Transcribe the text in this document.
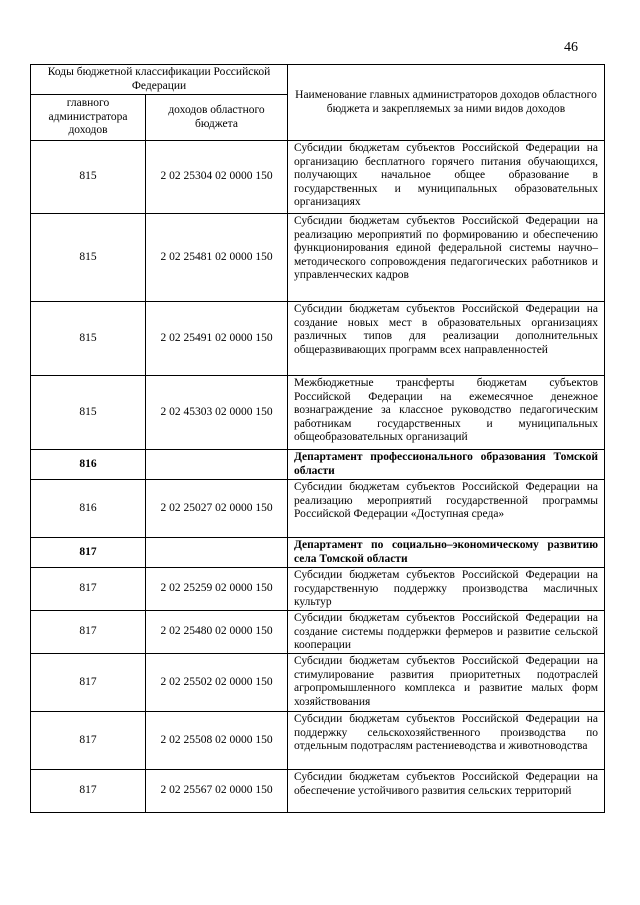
46
Коды бюджетной классификации Российской Федерации		Наименование главных администраторов доходов областного бюджета и закрепляемых за ними видов доходов
главного администратора доходов	доходов областного бюджета	
815	2 02 25304 02 0000 150	Субсидии бюджетам субъектов Российской Федерации на организацию бесплатного горячего питания обучающихся, получающих начальное общее образование в государственных и муниципальных образовательных организациях
815	2 02 25481 02 0000 150	Субсидии бюджетам субъектов Российской Федерации на реализацию мероприятий по формированию и обеспечению функционирования единой федеральной системы научно–методического сопровождения педагогических работников и управленческих кадров
815	2 02 25491 02 0000 150	Субсидии бюджетам субъектов Российской Федерации на создание новых мест в образовательных организациях различных типов для реализации дополнительных общеразвивающих программ всех направленностей
815	2 02 45303 02 0000 150	Межбюджетные трансферты бюджетам субъектов Российской Федерации на ежемесячное денежное вознаграждение за классное руководство педагогическим работникам государственных и муниципальных общеобразовательных организаций
816		Департамент профессионального образования Томской области
816	2 02 25027 02 0000 150	Субсидии бюджетам субъектов Российской Федерации на реализацию мероприятий государственной программы Российской Федерации «Доступная среда»
817		Департамент по социально–экономическому развитию села Томской области
817	2 02 25259 02 0000 150	Субсидии бюджетам субъектов Российской Федерации на государственную поддержку производства масличных культур
817	2 02 25480 02 0000 150	Субсидии бюджетам субъектов Российской Федерации на создание системы поддержки фермеров и развитие сельской кооперации
817	2 02 25502 02 0000 150	Субсидии бюджетам субъектов Российской Федерации на стимулирование развития приоритетных подотраслей агропромышленного комплекса и развитие малых форм хозяйствования
817	2 02 25508 02 0000 150	Субсидии бюджетам субъектов Российской Федерации на поддержку сельскохозяйственного производства по отдельным подотраслям растениеводства и животноводства
817	2 02 25567 02 0000 150	Субсидии бюджетам субъектов Российской Федерации на обеспечение устойчивого развития сельских территорий
